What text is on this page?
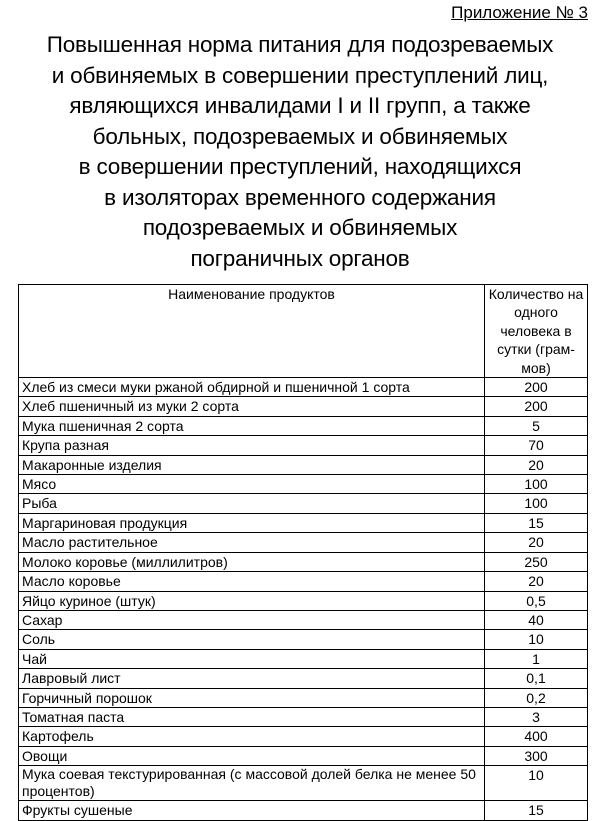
Приложение № 3
Повышенная норма питания для подозреваемых
и обвиняемых в совершении преступлений лиц,
являющихся инвалидами I и II групп, а также
больных, подозреваемых и обвиняемых
в совершении преступлений, находящихся
в изоляторах временного содержания
подозреваемых и обвиняемых
пограничных органов
Наименование продуктов	Количество на одного человека в сутки (грам-мов)
Хлеб из смеси муки ржаной обдирной и пшеничной 1 сорта	200
Хлеб пшеничный из муки 2 сорта	200
Мука пшеничная 2 сорта	5
Крупа разная	70
Макаронные изделия	20
Мясо	100
Рыба	100
Маргариновая продукция	15
Масло растительное	20
Молоко коровье (миллилитров)	250
Масло коровье	20
Яйцо куриное (штук)	0,5
Сахар	40
Соль	10
Чай	1
Лавровый лист	0,1
Горчичный порошок	0,2
Томатная паста	3
Картофель	400
Овощи	300
Мука соевая текстурированная (с массовой долей белка не менее 50 процентов)	10
Фрукты сушеные	15
